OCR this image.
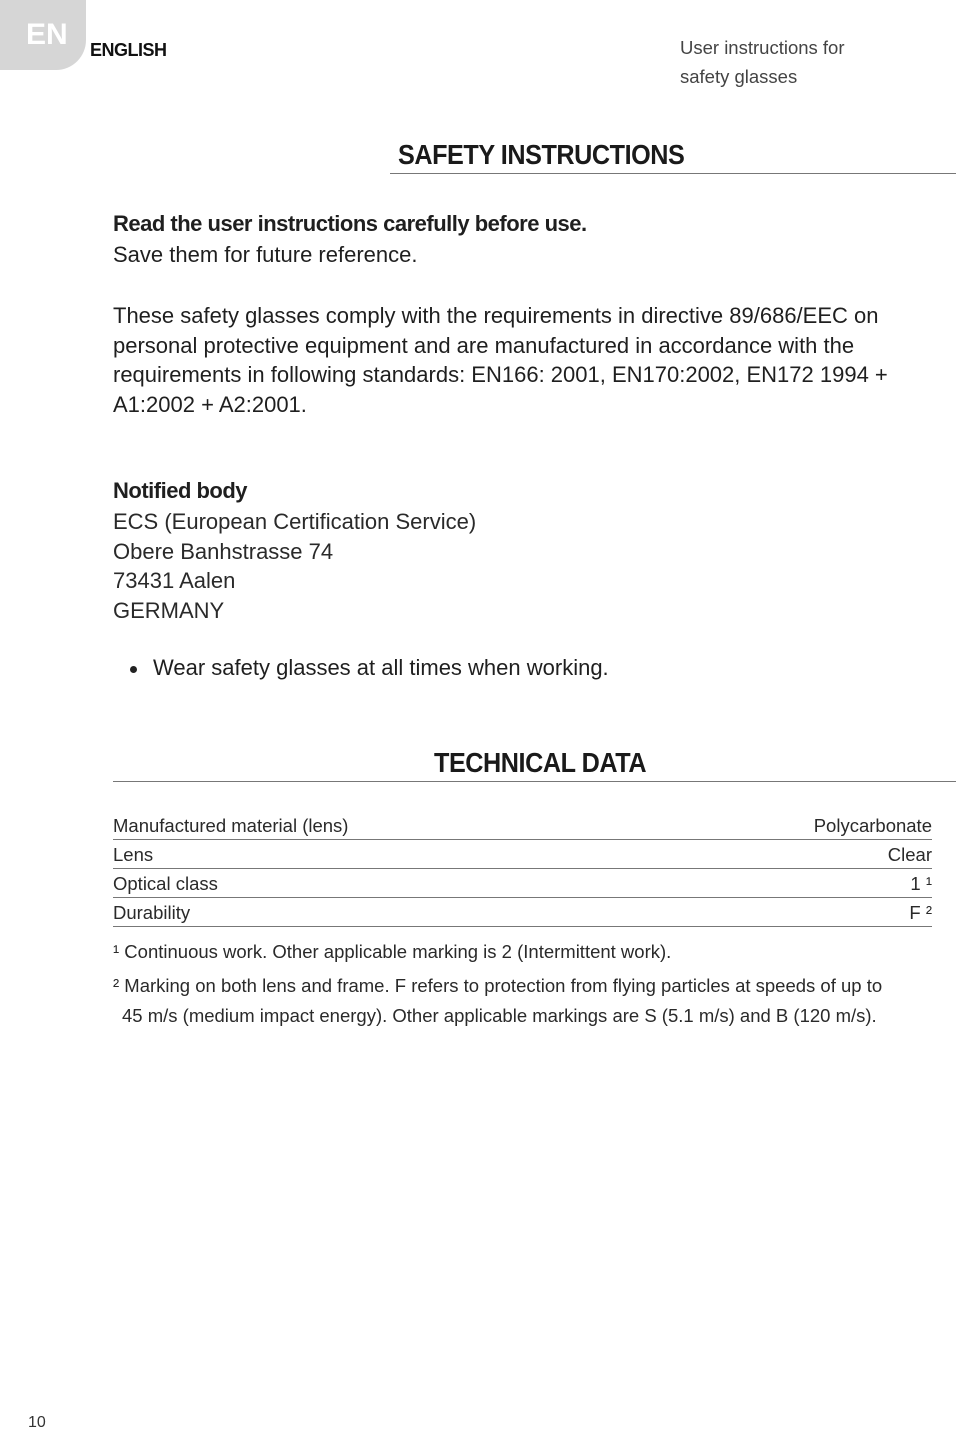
EN ENGLISH	User instructions for
safety glasses
SAFETY INSTRUCTIONS
Read the user instructions carefully before use.
Save them for future reference.
These safety glasses comply with the requirements in directive 89/686/EEC on
personal protective equipment and are manufactured in accordance with the
requirements in following standards: EN166: 2001, EN170:2002, EN172 1994 +
A1:2002 + A2:2001.
Notified body
ECS (European Certification Service)
Obere Banhstrasse 74
73431 Aalen
GERMANY
Wear safety glasses at all times when working.
TECHNICAL DATA
Manufactured material (lens)	Polycarbonate
Lens	Clear
Optical class	1 ¹
Durability	F ²
¹ Continuous work. Other applicable marking is 2 (Intermittent work).
² Marking on both lens and frame. F refers to protection from flying particles at speeds of up to
45 m/s (medium impact energy). Other applicable markings are S (5.1 m/s) and B (120 m/s).
10
